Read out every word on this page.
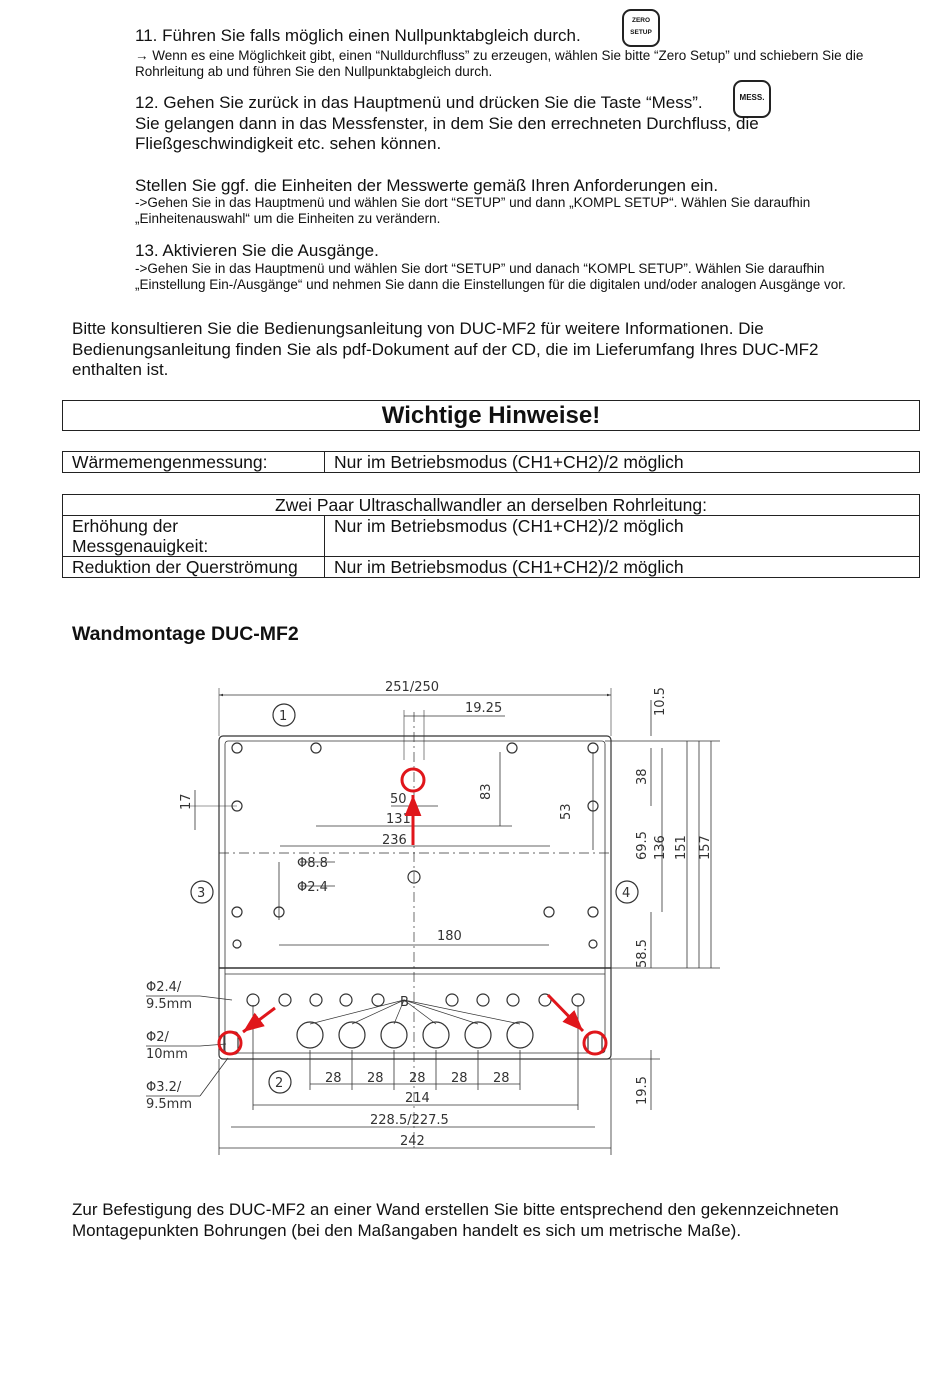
11. Führen Sie falls möglich einen Nullpunktabgleich durch.
ZERO
SETUP
→ Wenn es eine Möglichkeit gibt, einen “Nulldurchfluss” zu erzeugen, wählen Sie bitte “Zero Setup” und schiebern Sie die
Rohrleitung ab und führen Sie den Nullpunktabgleich durch.
12. Gehen Sie zurück in das Hauptmenü und drücken Sie die Taste “Mess”.	MESS.
Sie gelangen dann in das Messfenster, in dem Sie den errechneten Durchfluss, die
Fließgeschwindigkeit etc. sehen können.
Stellen Sie ggf. die Einheiten der Messwerte gemäß Ihren Anforderungen ein.
->Gehen Sie in das Hauptmenü und wählen Sie dort “SETUP” und dann „KOMPL SETUP“. Wählen Sie daraufhin
„Einheitenauswahl“ um die Einheiten zu verändern.
13. Aktivieren Sie die Ausgänge.
->Gehen Sie in das Hauptmenü und wählen Sie dort “SETUP” und danach “KOMPL SETUP”. Wählen Sie daraufhin
„Einstellung Ein-/Ausgänge“ und nehmen Sie dann die Einstellungen für die digitalen und/oder analogen Ausgänge vor.
Bitte konsultieren Sie die Bedienungsanleitung von DUC-MF2 für weitere Informationen. Die
Bedienungsanleitung finden Sie als pdf-Dokument auf der CD, die im Lieferumfang Ihres DUC-MF2
enthalten ist.
Wichtige Hinweise!
Wärmemengenmessung:	Nur im Betriebsmodus (CH1+CH2)/2 möglich
Zwei Paar Ultraschallwandler an derselben Rohrleitung:	

Erhöhung der
Messgenauigkeit:	Nur im Betriebsmodus (CH1+CH2)/2 möglich
Reduktion der Querströmung	Nur im Betriebsmodus (CH1+CH2)/2 möglich
Wandmontage DUC-MF2
251/250
19.25	10.5
50
131
236
83
53
17
Φ8.8
Φ2.4
180
38
69.5 136 151 157
58.5
19.5
28 28 28 28 28
214
228.5/227.5
242
B
Φ2.4/
9.5mm
Φ2/
10mm
Φ3.2/
9.5mm
1
2
3	4
Zur Befestigung des DUC-MF2 an einer Wand erstellen Sie bitte entsprechend den gekennzeichneten
Montagepunkten Bohrungen (bei den Maßangaben handelt es sich um metrische Maße).
